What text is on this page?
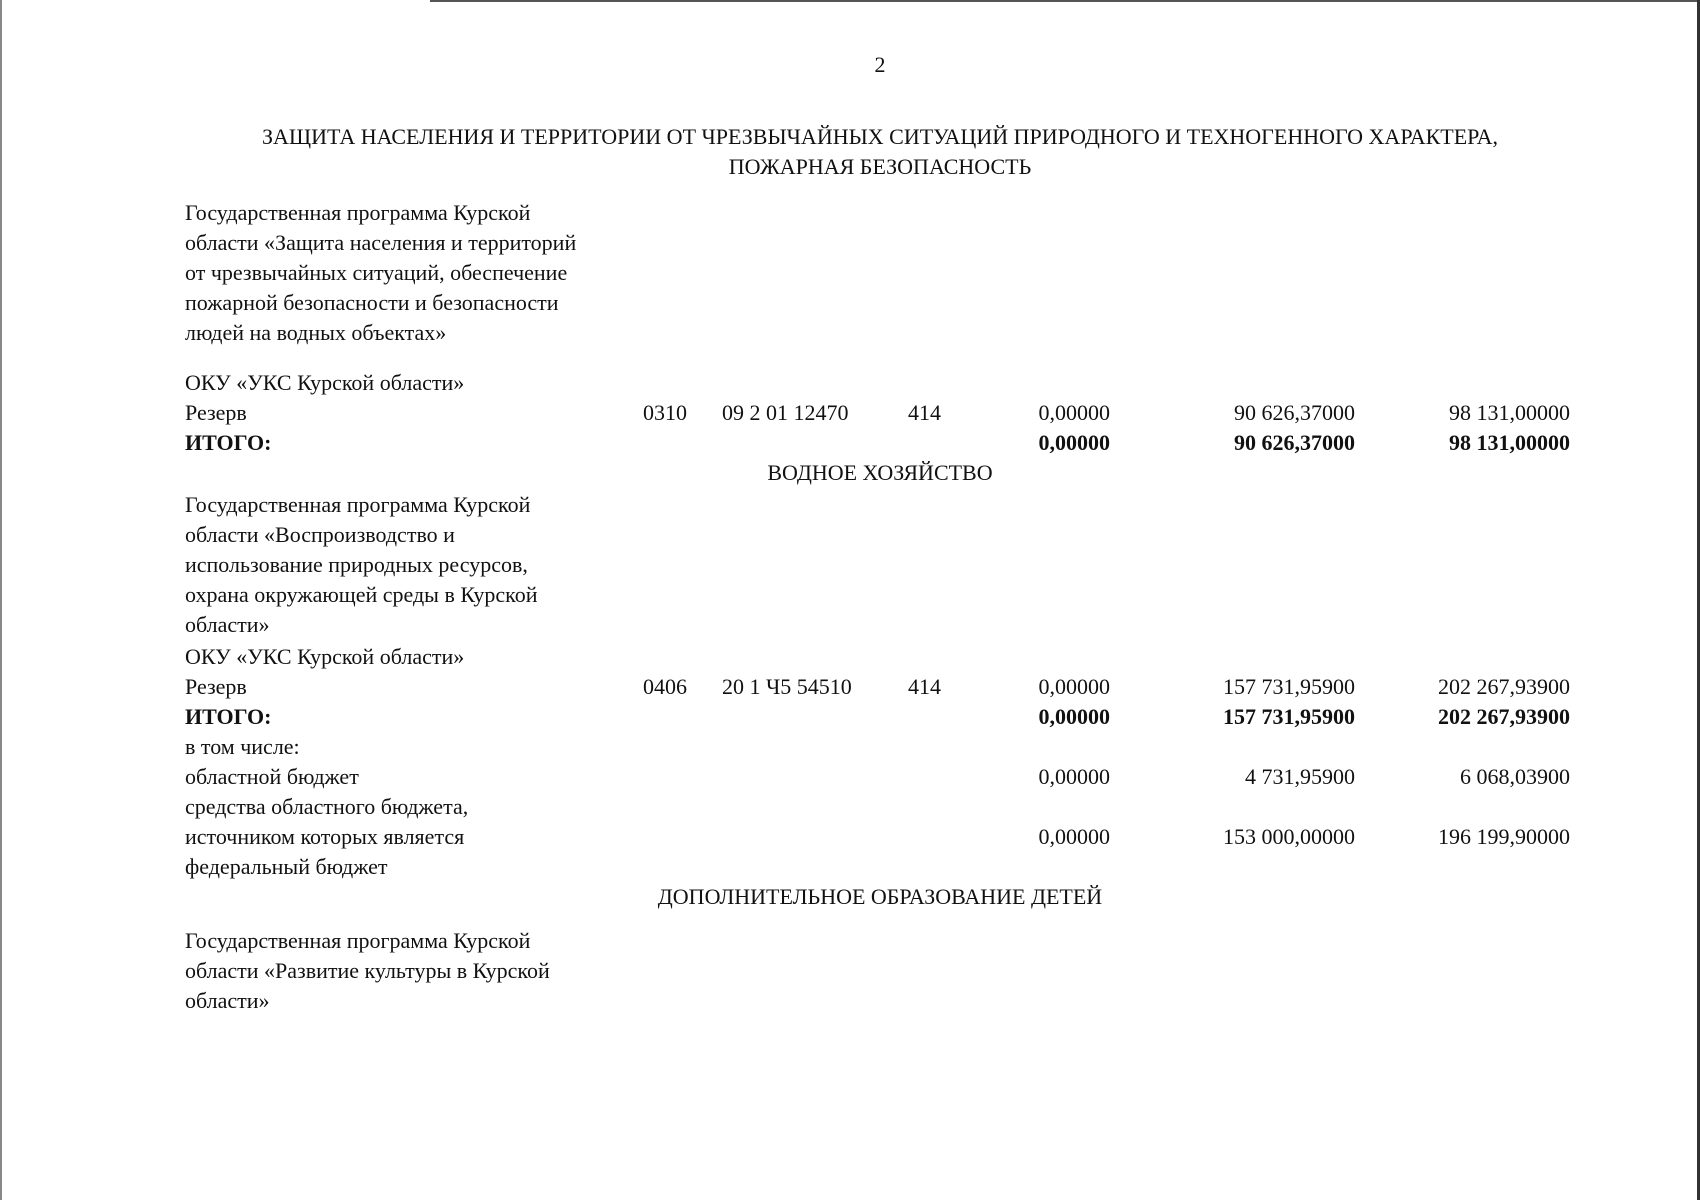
2
ЗАЩИТА НАСЕЛЕНИЯ И ТЕРРИТОРИИ ОТ ЧРЕЗВЫЧАЙНЫХ СИТУАЦИЙ ПРИРОДНОГО И ТЕХНОГЕННОГО ХАРАКТЕРА,
ПОЖАРНАЯ БЕЗОПАСНОСТЬ
Государственная программа Курской
области «Защита населения и территорий
от чрезвычайных ситуаций, обеспечение
пожарной безопасности и безопасности
людей на водных объектах»
ОКУ «УКС Курской области»
Резерв	0310	09 2 01 12470	414	0,00000	90 626,37000	98 131,00000
ИТОГО:	0,00000	90 626,37000	98 131,00000
ВОДНОЕ ХОЗЯЙСТВО
Государственная программа Курской
области «Воспроизводство и
использование природных ресурсов,
охрана окружающей среды в Курской
области»
ОКУ «УКС Курской области»
Резерв	0406	20 1 Ч5 54510	414	0,00000	157 731,95900	202 267,93900
ИТОГО:	0,00000	157 731,95900	202 267,93900
в том числе:
областной бюджет	0,00000	4 731,95900	6 068,03900
средства областного бюджета,
источником которых является
федеральный бюджет
0,00000	153 000,00000	196 199,90000
ДОПОЛНИТЕЛЬНОЕ ОБРАЗОВАНИЕ ДЕТЕЙ
Государственная программа Курской
области «Развитие культуры в Курской
области»
